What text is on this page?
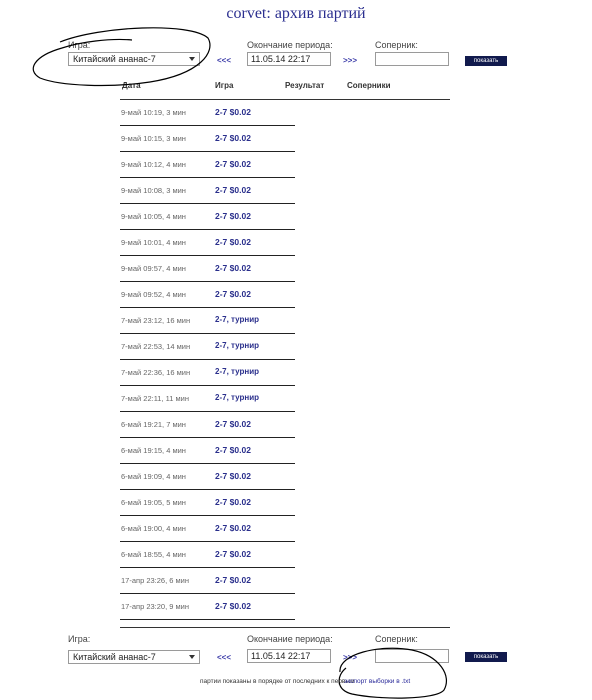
corvet: архив партий
Игра:
Китайский ананас-7	<<<
Окончание периода:
11.05.14 22:17	>>>
Соперник:
показать
Дата	Игра	Результат	Соперники
9-май 10:19, 3 мин	2-7 $0.02
9-май 10:15, 3 мин	2-7 $0.02
9-май 10:12, 4 мин	2-7 $0.02
9-май 10:08, 3 мин	2-7 $0.02
9-май 10:05, 4 мин	2-7 $0.02
9-май 10:01, 4 мин	2-7 $0.02
9-май 09:57, 4 мин	2-7 $0.02
9-май 09:52, 4 мин	2-7 $0.02
7-май 23:12, 16 мин	2-7, турнир
7-май 22:53, 14 мин	2-7, турнир
7-май 22:36, 16 мин	2-7, турнир
7-май 22:11, 11 мин	2-7, турнир
6-май 19:21, 7 мин	2-7 $0.02
6-май 19:15, 4 мин	2-7 $0.02
6-май 19:09, 4 мин	2-7 $0.02
6-май 19:05, 5 мин	2-7 $0.02
6-май 19:00, 4 мин	2-7 $0.02
6-май 18:55, 4 мин	2-7 $0.02
17-апр 23:26, 6 мин	2-7 $0.02
17-апр 23:20, 9 мин	2-7 $0.02
Игра:
Китайский ананас-7	<<<
Окончание периода:
11.05.14 22:17	>>>
Соперник:
показать
партии показаны в порядке от последних к первым
экспорт выборки в .txt
